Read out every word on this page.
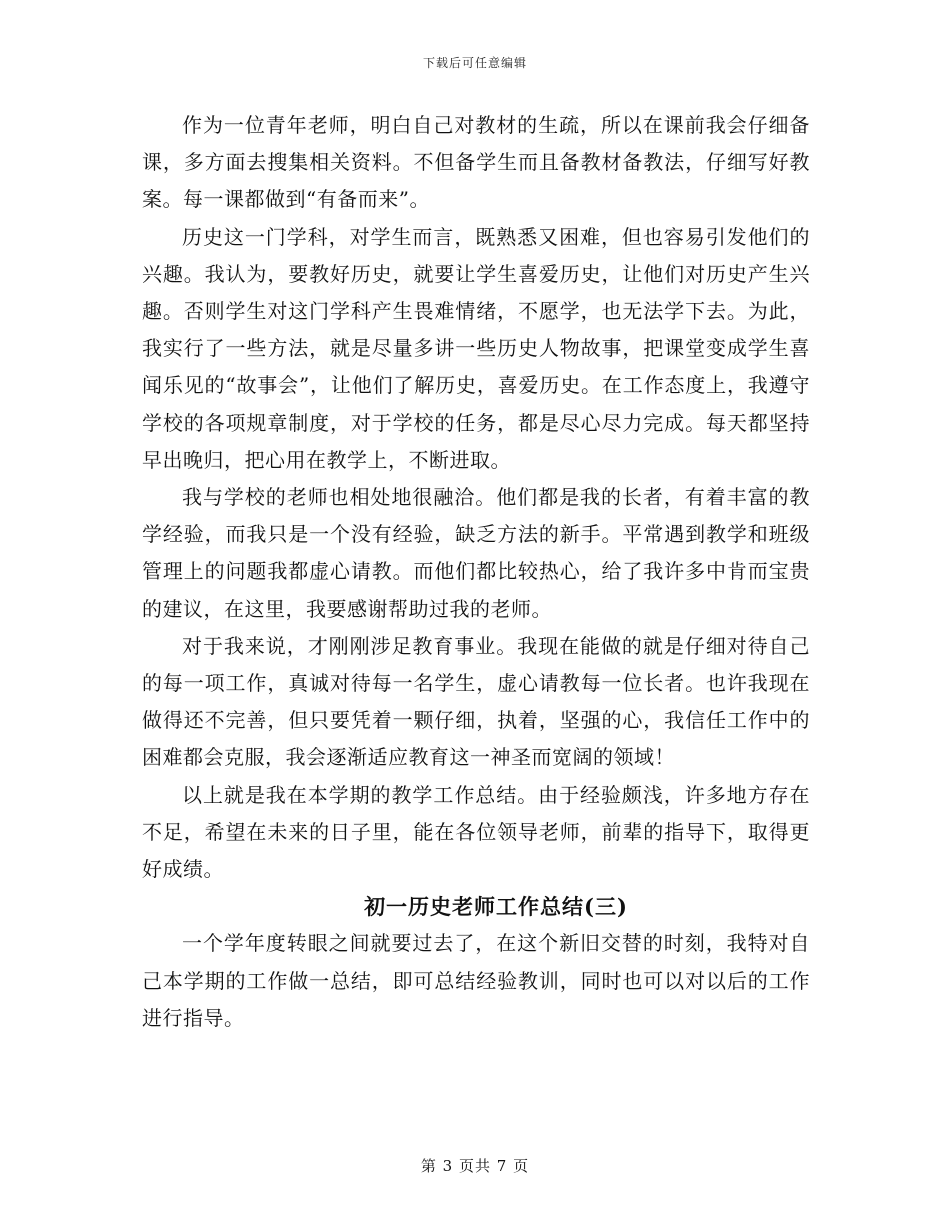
下载后可任意编辑

作为一位青年老师，明白自己对教材的生疏，所以在课前我会仔细备课，多方面去搜集相关资料。不但备学生而且备教材备教法，仔细写好教案。每一课都做到“有备而来”。

历史这一门学科，对学生而言，既熟悉又困难，但也容易引发他们的兴趣。我认为，要教好历史，就要让学生喜爱历史，让他们对历史产生兴趣。否则学生对这门学科产生畏难情绪，不愿学，也无法学下去。为此，我实行了一些方法，就是尽量多讲一些历史人物故事，把课堂变成学生喜闻乐见的“故事会”，让他们了解历史，喜爱历史。在工作态度上，我遵守学校的各项规章制度，对于学校的任务，都是尽心尽力完成。每天都坚持早出晚归，把心用在教学上，不断进取。

我与学校的老师也相处地很融洽。他们都是我的长者，有着丰富的教学经验，而我只是一个没有经验，缺乏方法的新手。平常遇到教学和班级管理上的问题我都虚心请教。而他们都比较热心，给了我许多中肯而宝贵的建议，在这里，我要感谢帮助过我的老师。

对于我来说，才刚刚涉足教育事业。我现在能做的就是仔细对待自己的每一项工作，真诚对待每一名学生，虚心请教每一位长者。也许我现在做得还不完善，但只要凭着一颗仔细，执着，坚强的心，我信任工作中的困难都会克服，我会逐渐适应教育这一神圣而宽阔的领域！

以上就是我在本学期的教学工作总结。由于经验颇浅，许多地方存在不足，希望在未来的日子里，能在各位领导老师，前辈的指导下，取得更好成绩。

初一历史老师工作总结(三)

一个学年度转眼之间就要过去了，在这个新旧交替的时刻，我特对自己本学期的工作做一总结，即可总结经验教训，同时也可以对以后的工作进行指导。

第 3 页共 7 页
